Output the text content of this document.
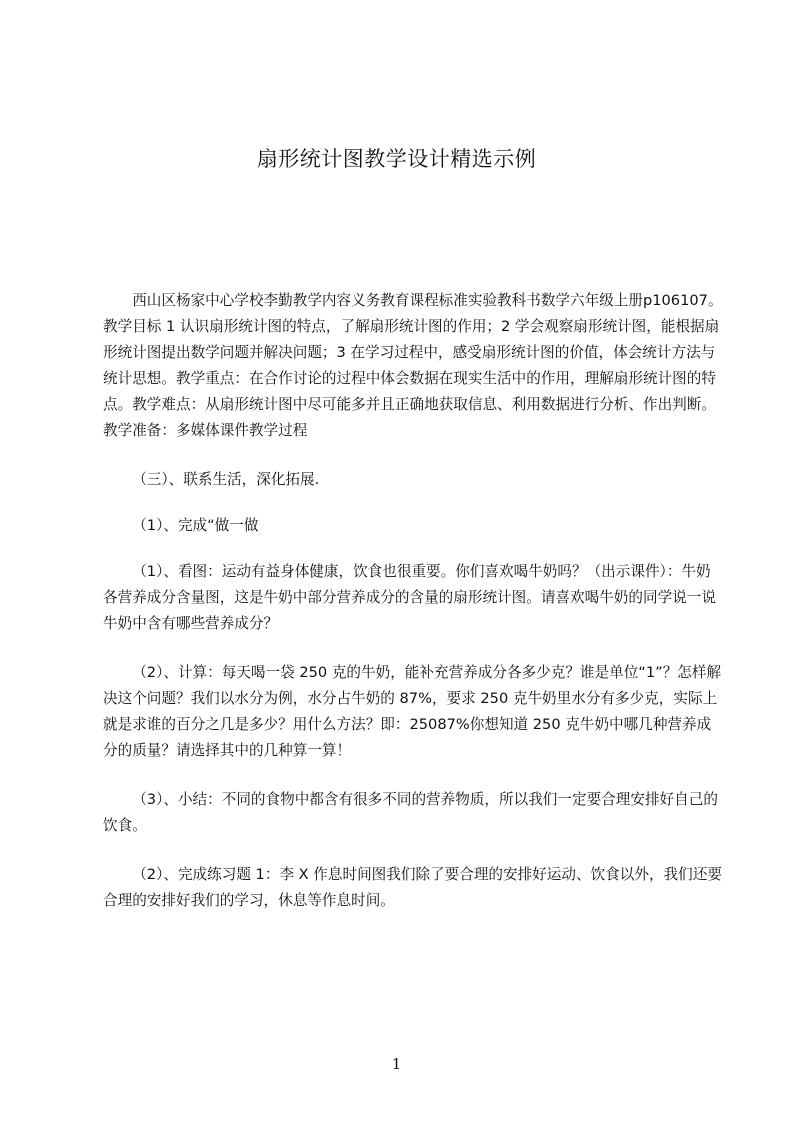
扇形统计图教学设计精选示例

西山区杨家中心学校李勤教学内容义务教育课程标准实验教科书数学六年级上册p106107。教学目标 1 认识扇形统计图的特点，了解扇形统计图的作用；2 学会观察扇形统计图，能根据扇形统计图提出数学问题并解决问题；3 在学习过程中，感受扇形统计图的价值，体会统计方法与统计思想。教学重点：在合作讨论的过程中体会数据在现实生活中的作用，理解扇形统计图的特点。教学难点：从扇形统计图中尽可能多并且正确地获取信息、利用数据进行分析、作出判断。教学准备：多媒体课件教学过程

（三）、联系生活，深化拓展.

（1）、完成“做一做

（1）、看图：运动有益身体健康，饮食也很重要。你们喜欢喝牛奶吗？（出示课件）：牛奶各营养成分含量图，这是牛奶中部分营养成分的含量的扇形统计图。请喜欢喝牛奶的同学说一说牛奶中含有哪些营养成分？

（2）、计算：每天喝一袋 250 克的牛奶，能补充营养成分各多少克？谁是单位“1”？怎样解决这个问题？我们以水分为例，水分占牛奶的 87%，要求 250 克牛奶里水分有多少克，实际上就是求谁的百分之几是多少？用什么方法？即：25087%你想知道 250 克牛奶中哪几种营养成分的质量？请选择其中的几种算一算！

（3）、小结：不同的食物中都含有很多不同的营养物质，所以我们一定要合理安排好自己的饮食。

（2）、完成练习题 1：李 X 作息时间图我们除了要合理的安排好运动、饮食以外，我们还要合理的安排好我们的学习，休息等作息时间。

1
